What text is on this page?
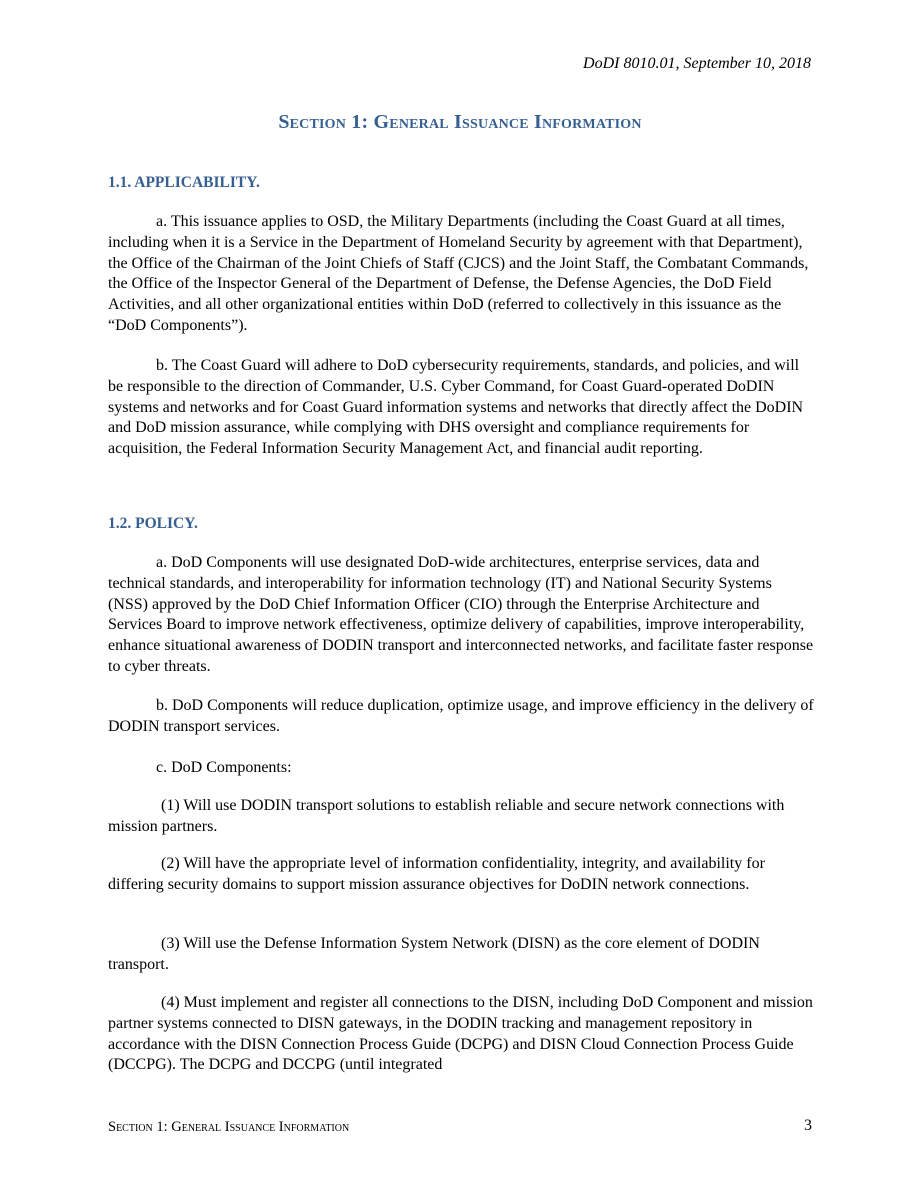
DoDI 8010.01, September 10, 2018
Section 1: General Issuance Information
1.1. APPLICABILITY.

a. This issuance applies to OSD, the Military Departments (including the Coast Guard at all times, including when it is a Service in the Department of Homeland Security by agreement with that Department), the Office of the Chairman of the Joint Chiefs of Staff (CJCS) and the Joint Staff, the Combatant Commands, the Office of the Inspector General of the Department of Defense, the Defense Agencies, the DoD Field Activities, and all other organizational entities within DoD (referred to collectively in this issuance as the “DoD Components”).

b. The Coast Guard will adhere to DoD cybersecurity requirements, standards, and policies, and will be responsible to the direction of Commander, U.S. Cyber Command, for Coast Guard-operated DoDIN systems and networks and for Coast Guard information systems and networks that directly affect the DoDIN and DoD mission assurance, while complying with DHS oversight and compliance requirements for acquisition, the Federal Information Security Management Act, and financial audit reporting.

1.2. POLICY.

a. DoD Components will use designated DoD-wide architectures, enterprise services, data and technical standards, and interoperability for information technology (IT) and National Security Systems (NSS) approved by the DoD Chief Information Officer (CIO) through the Enterprise Architecture and Services Board to improve network effectiveness, optimize delivery of capabilities, improve interoperability, enhance situational awareness of DODIN transport and interconnected networks, and facilitate faster response to cyber threats.

b. DoD Components will reduce duplication, optimize usage, and improve efficiency in the delivery of DODIN transport services.

c. DoD Components:

(1) Will use DODIN transport solutions to establish reliable and secure network connections with mission partners.

(2) Will have the appropriate level of information confidentiality, integrity, and availability for differing security domains to support mission assurance objectives for DoDIN network connections.

(3) Will use the Defense Information System Network (DISN) as the core element of DODIN transport.

(4) Must implement and register all connections to the DISN, including DoD Component and mission partner systems connected to DISN gateways, in the DODIN tracking and management repository in accordance with the DISN Connection Process Guide (DCPG) and DISN Cloud Connection Process Guide (DCCPG). The DCPG and DCCPG (until integrated

Section 1: General Issuance Information	3
